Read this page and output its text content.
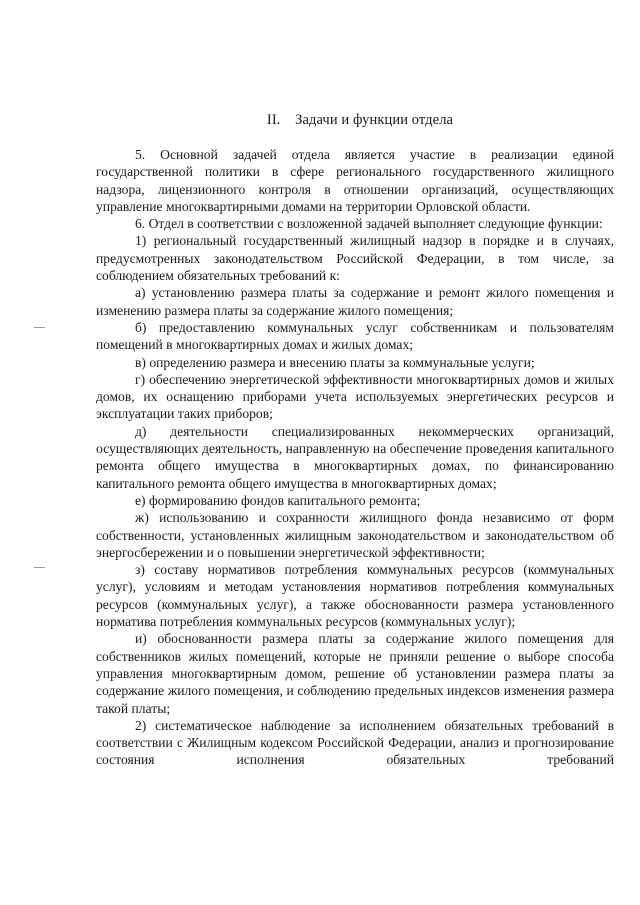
II. Задачи и функции отдела

5. Основной задачей отдела является участие в реализации единой государственной политики в сфере регионального государственного жилищного надзора, лицензионного контроля в отношении организаций, осуществляющих управление многоквартирными домами на территории Орловской области.

6. Отдел в соответствии с возложенной задачей выполняет следующие функции:

1) региональный государственный жилищный надзор в порядке и в случаях, предусмотренных законодательством Российской Федерации, в том числе, за соблюдением обязательных требований к:

а) установлению размера платы за содержание и ремонт жилого помещения и изменению размера платы за содержание жилого помещения;

б) предоставлению коммунальных услуг собственникам и пользователям помещений в многоквартирных домах и жилых домах;

в) определению размера и внесению платы за коммунальные услуги;

г) обеспечению энергетической эффективности многоквартирных домов и жилых домов, их оснащению приборами учета используемых энергетических ресурсов и эксплуатации таких приборов;

д) деятельности специализированных некоммерческих организаций, осуществляющих деятельность, направленную на обеспечение проведения капитального ремонта общего имущества в многоквартирных домах, по финансированию капитального ремонта общего имущества в многоквартирных домах;

е) формированию фондов капитального ремонта;

ж) использованию и сохранности жилищного фонда независимо от форм собственности, установленных жилищным законодательством и законодательством об энергосбережении и о повышении энергетической эффективности;

з) составу нормативов потребления коммунальных ресурсов (коммунальных услуг), условиям и методам установления нормативов потребления коммунальных ресурсов (коммунальных услуг), а также обоснованности размера установленного норматива потребления коммунальных ресурсов (коммунальных услуг);

и) обоснованности размера платы за содержание жилого помещения для собственников жилых помещений, которые не приняли решение о выборе способа управления многоквартирным домом, решение об установлении размера платы за содержание жилого помещения, и соблюдению предельных индексов изменения размера такой платы;

2) систематическое наблюдение за исполнением обязательных требований в соответствии с Жилищным кодексом Российской Федерации, анализ и прогнозирование состояния исполнения обязательных требований
